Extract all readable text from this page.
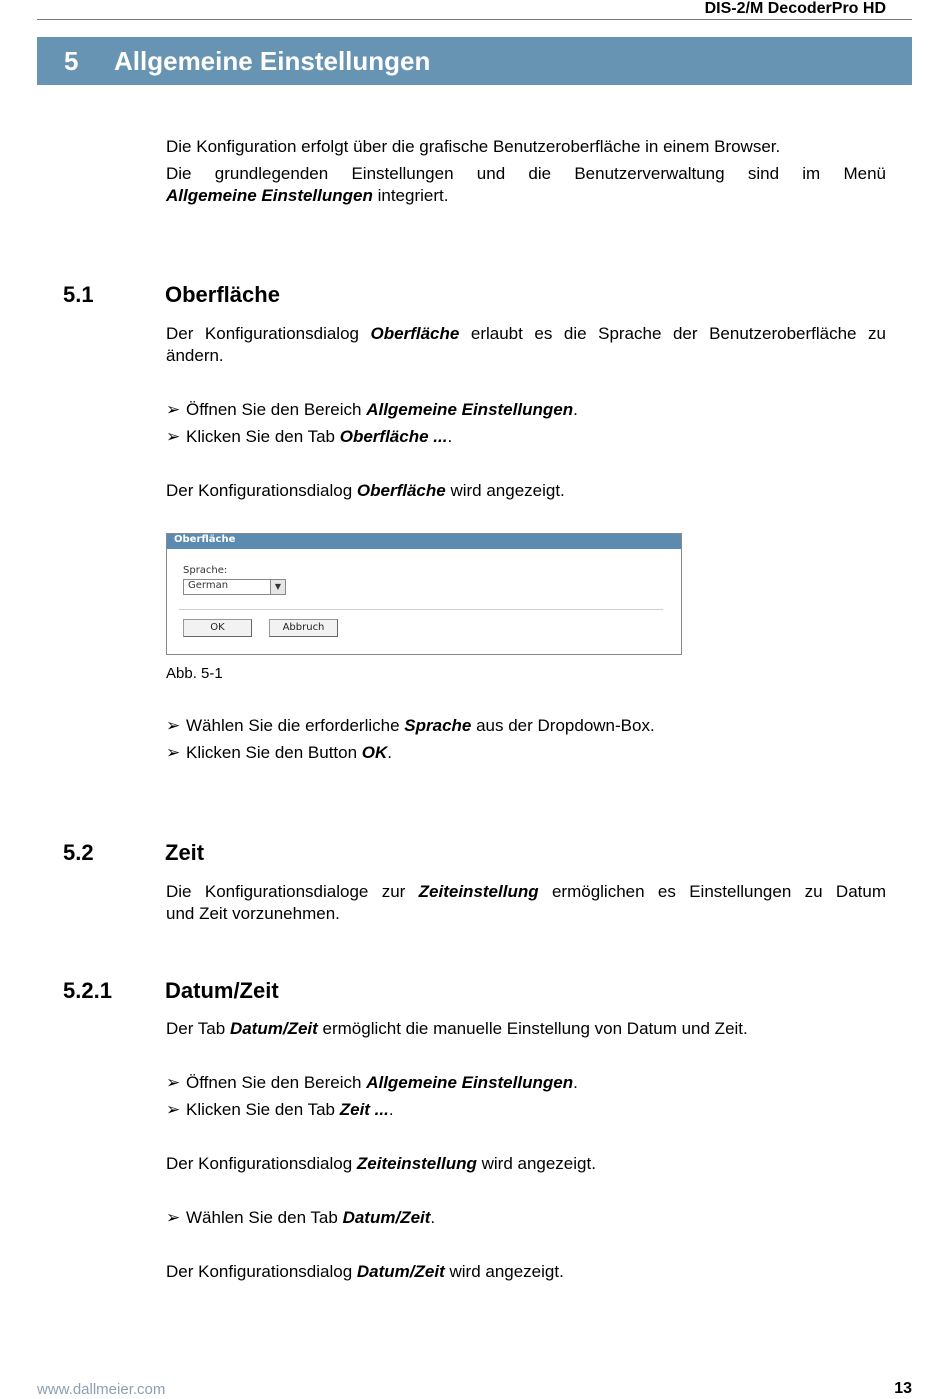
DIS-2/M DecoderPro HD
5 Allgemeine Einstellungen
Die Konfiguration erfolgt über die grafische Benutzeroberfläche in einem Browser.
Die grundlegenden Einstellungen und die Benutzerverwaltung sind im Menü
Allgemeine Einstellungen integriert.
5.1	Oberfläche
Der Konfigurationsdialog Oberfläche erlaubt es die Sprache der Benutzeroberfläche zu
ändern.
➢ Öffnen Sie den Bereich Allgemeine Einstellungen.
➢ Klicken Sie den Tab Oberfläche ....
Der Konfigurationsdialog Oberfläche wird angezeigt.
Oberfläche
Sprache:
German	▼
OK	Abbruch
Abb. 5-1
➢ Wählen Sie die erforderliche Sprache aus der Dropdown-Box.
➢ Klicken Sie den Button OK.
5.2	Zeit
Die Konfigurationsdialoge zur Zeiteinstellung ermöglichen es Einstellungen zu Datum
und Zeit vorzunehmen.
5.2.1 Datum/Zeit
Der Tab Datum/Zeit ermöglicht die manuelle Einstellung von Datum und Zeit.
➢ Öffnen Sie den Bereich Allgemeine Einstellungen.
➢ Klicken Sie den Tab Zeit ....
Der Konfigurationsdialog Zeiteinstellung wird angezeigt.
➢ Wählen Sie den Tab Datum/Zeit.
Der Konfigurationsdialog Datum/Zeit wird angezeigt.
www.dallmeier.com	13
